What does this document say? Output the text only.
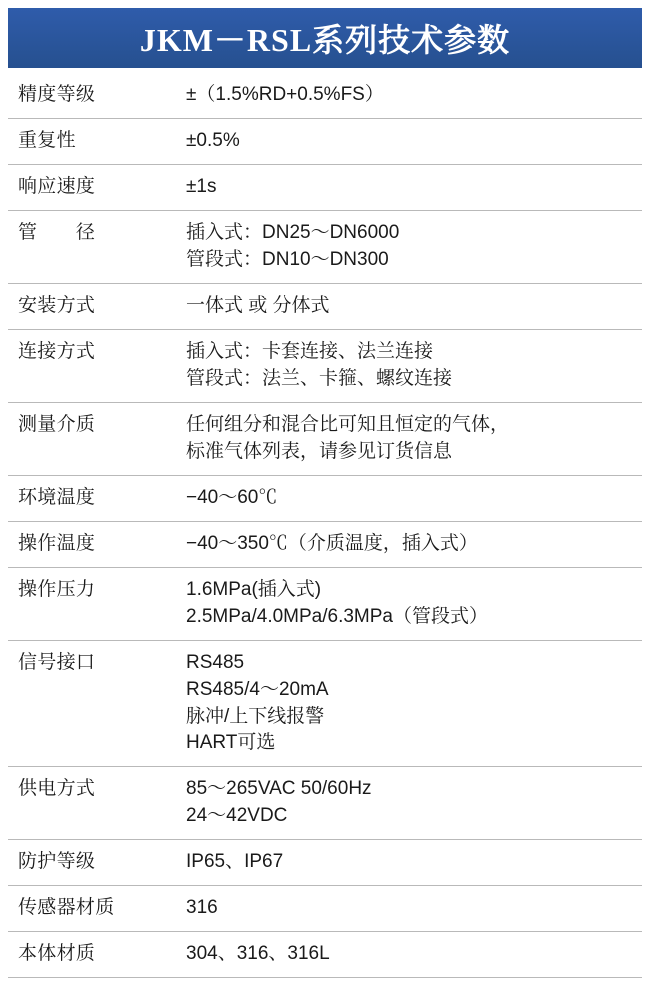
JKM－RSL系列技术参数
精度等级	±（1.5%RD+0.5%FS）

重复性	±0.5%

响应速度	±1s

管　　径	插入式：DN25～DN6000
管段式：DN10～DN300

安装方式	一体式 或 分体式

连接方式	插入式：卡套连接、法兰连接
管段式：法兰、卡箍、螺纹连接

测量介质	任何组分和混合比可知且恒定的气体，
标准气体列表，请参见订货信息

环境温度	−40～60℃

操作温度	−40～350℃（介质温度，插入式）

操作压力	1.6MPa(插入式)
2.5MPa/4.0MPa/6.3MPa（管段式）

信号接口	RS485
RS485/4～20mA
脉冲/上下线报警
HART可选

供电方式	85～265VAC 50/60Hz
24～42VDC

防护等级	IP65、IP67

传感器材质	316

本体材质	304、316、316L
